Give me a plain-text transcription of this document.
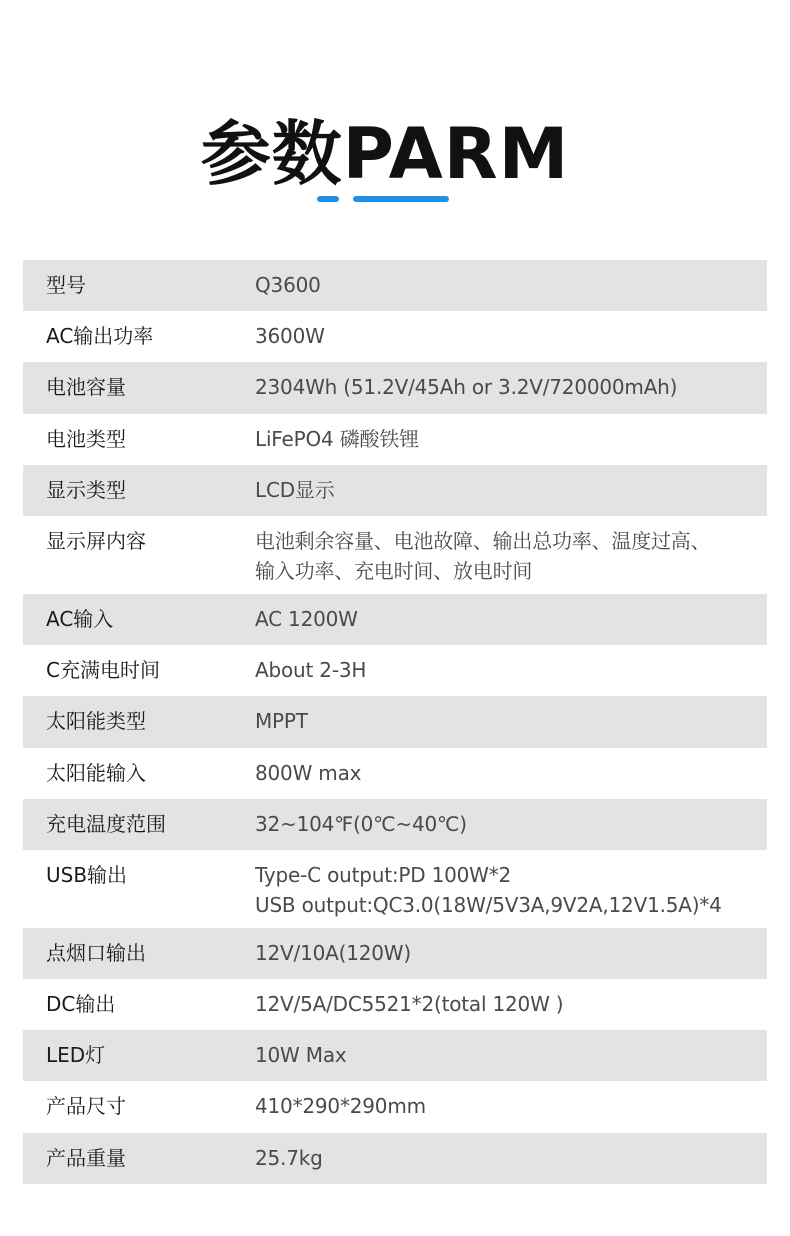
参数PARM
型号	Q3600
AC输出功率	3600W
电池容量	2304Wh (51.2V/45Ah or 3.2V/720000mAh)
电池类型	LiFePO4 磷酸铁锂
显示类型	LCD显示
显示屏内容	电池剩余容量、电池故障、输出总功率、温度过高、
输入功率、充电时间、放电时间
AC输入	AC 1200W
C充满电时间	About 2-3H
太阳能类型	MPPT
太阳能输入	800W max
充电温度范围	32~104℉(0℃~40℃)
USB输出	Type-C output:PD 100W*2
USB output:QC3.0(18W/5V3A,9V2A,12V1.5A)*4
点烟口输出	12V/10A(120W)
DC输出	12V/5A/DC5521*2(total 120W )
LED灯	10W Max
产品尺寸	410*290*290mm
产品重量	25.7kg
